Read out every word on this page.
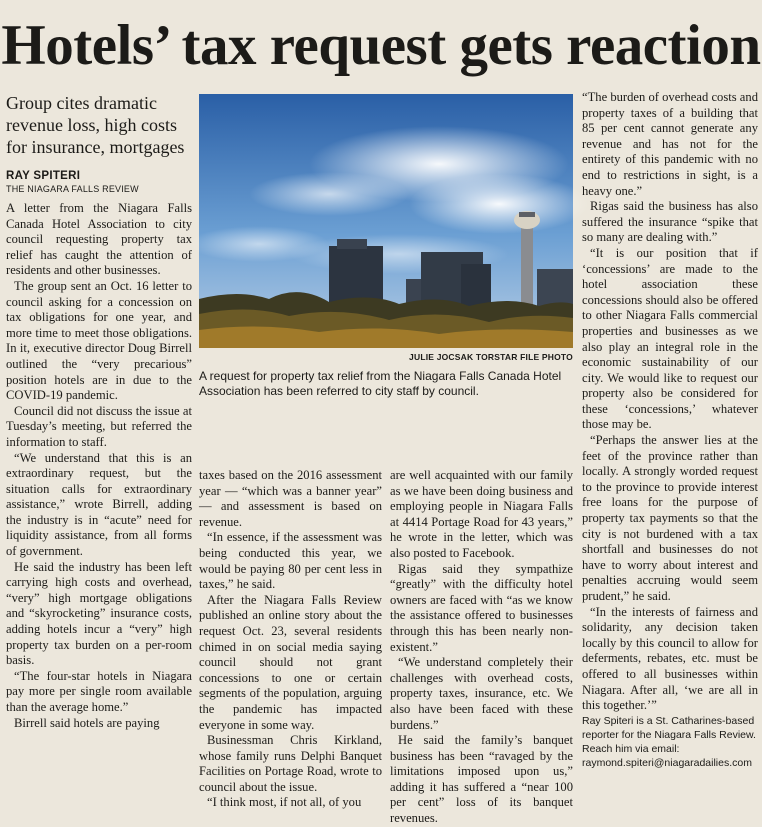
Hotels’ tax request gets reaction
Group cites dramatic revenue loss, high costs for insurance, mortgages
RAY SPITERI
THE NIAGARA FALLS REVIEW

A letter from the Niagara Falls Canada Hotel Association to city council requesting property tax relief has caught the attention of residents and other businesses.

The group sent an Oct. 16 letter to council asking for a concession on tax obligations for one year, and more time to meet those obligations. In it, executive director Doug Birrell outlined the “very precarious” position hotels are in due to the COVID-19 pandemic.

Council did not discuss the issue at Tuesday’s meeting, but referred the information to staff.

“We understand that this is an extraordinary request, but the situation calls for extraordinary assistance,” wrote Birrell, adding the industry is in “acute” need for liquidity assistance, from all forms of government.

He said the industry has been left carrying high costs and overhead, “very” high mortgage obligations and “skyrocketing” insurance costs, adding hotels incur a “very” high property tax burden on a per-room basis.

“The four-star hotels in Niagara pay more per single room available than the average home.”

Birrell said hotels are paying

JULIE JOCSAK TORSTAR FILE PHOTO
A request for property tax relief from the Niagara Falls Canada Hotel Association has been referred to city staff by council.

taxes based on the 2016 assessment year — “which was a banner year” — and assessment is based on revenue.

“In essence, if the assessment was being conducted this year, we would be paying 80 per cent less in taxes,” he said.

After the Niagara Falls Review published an online story about the request Oct. 23, several residents chimed in on social media saying council should not grant concessions to one or certain segments of the population, arguing the pandemic has impacted everyone in some way.

Businessman Chris Kirkland, whose family runs Delphi Banquet Facilities on Portage Road, wrote to council about the issue.

“I think most, if not all, of you

are well acquainted with our family as we have been doing business and employing people in Niagara Falls at 4414 Portage Road for 43 years,” he wrote in the letter, which was also posted to Facebook.

Rigas said they sympathize “greatly” with the difficulty hotel owners are faced with “as we know the assistance offered to businesses through this has been nearly non-existent.”

“We understand completely their challenges with overhead costs, property taxes, insurance, etc. We also have been faced with these burdens.”

He said the family’s banquet business has been “ravaged by the limitations imposed upon us,” adding it has suffered a “near 100 per cent” loss of its banquet revenues.

“The burden of overhead costs and property taxes of a building that 85 per cent cannot generate any revenue and has not for the entirety of this pandemic with no end to restrictions in sight, is a heavy one.”

Rigas said the business has also suffered the insurance “spike that so many are dealing with.”

“It is our position that if ‘concessions’ are made to the hotel association these concessions should also be offered to other Niagara Falls commercial properties and businesses as we also play an integral role in the economic sustainability of our city. We would like to request our property also be considered for these ‘concessions,’ whatever those may be.

“Perhaps the answer lies at the feet of the province rather than locally. A strongly worded request to the province to provide interest free loans for the purpose of property tax payments so that the city is not burdened with a tax shortfall and businesses do not have to worry about interest and penalties accruing would seem prudent,” he said.

“In the interests of fairness and solidarity, any decision taken locally by this council to allow for deferments, rebates, etc. must be offered to all businesses within Niagara. After all, ‘we are all in this together.’”

Ray Spiteri is a St. Catharines-based reporter for the Niagara Falls Review. Reach him via email: raymond.spiteri@niagaradailies.com
